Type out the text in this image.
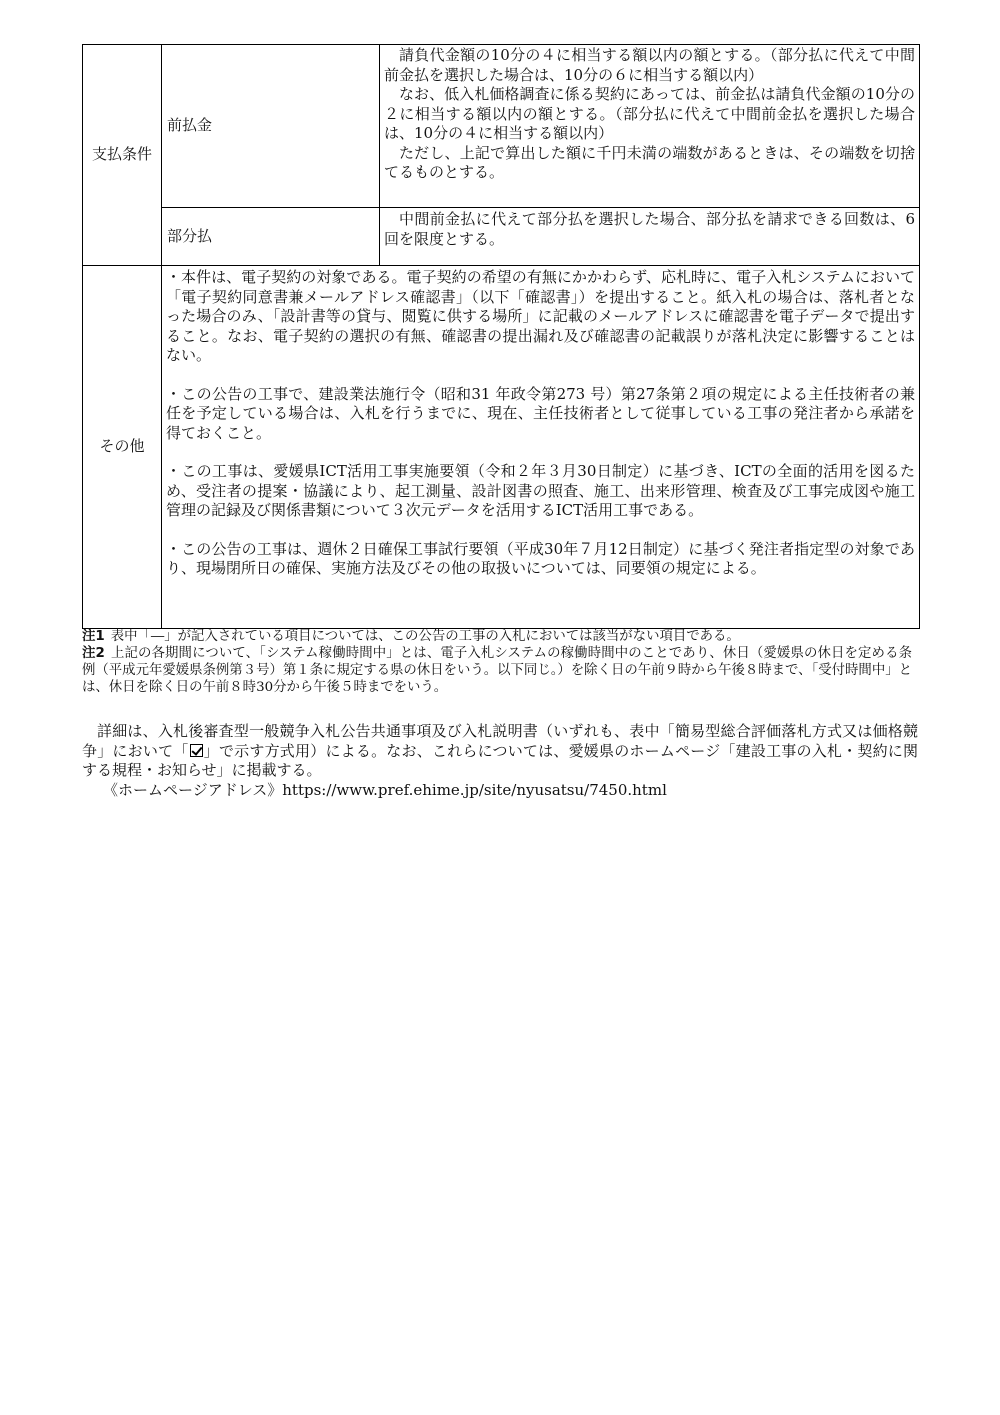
支払条件	前払金	請負代金額の10分の４に相当する額以内の額とする。（部分払に代えて中間前金払を選択した場合は、10分の６に相当する額以内）
なお、低入札価格調査に係る契約にあっては、前金払は請負代金額の10分の２に相当する額以内の額とする。（部分払に代えて中間前金払を選択した場合は、10分の４に相当する額以内）
ただし、上記で算出した額に千円未満の端数があるときは、その端数を切捨てるものとする。

	部分払	中間前金払に代えて部分払を選択した場合、部分払を請求できる回数は、6回を限度とする。

その他	・本件は、電子契約の対象である。電子契約の希望の有無にかかわらず、応札時に、電子入札システムにおいて「電子契約同意書兼メールアドレス確認書」（以下「確認書」）を提出すること。紙入札の場合は、落札者となった場合のみ、「設計書等の貸与、閲覧に供する場所」に記載のメールアドレスに確認書を電子データで提出すること。なお、電子契約の選択の有無、確認書の提出漏れ及び確認書の記載誤りが落札決定に影響することはない。

・この公告の工事で、建設業法施行令（昭和31 年政令第273 号）第27条第２項の規定による主任技術者の兼任を予定している場合は、入札を行うまでに、現在、主任技術者として従事している工事の発注者から承諾を得ておくこと。

・この工事は、愛媛県ICT活用工事実施要領（令和２年３月30日制定）に基づき、ICTの全面的活用を図るため、受注者の提案・協議により、起工測量、設計図書の照査、施工、出来形管理、検査及び工事完成図や施工管理の記録及び関係書類について３次元データを活用するICT活用工事である。

・この公告の工事は、週休２日確保工事試行要領（平成30年７月12日制定）に基づく発注者指定型の対象であり、現場閉所日の確保、実施方法及びその他の取扱いについては、同要領の規定による。	

注1 表中「―」が記入されている項目については、この公告の工事の入札においては該当がない項目である。
注2 上記の各期間について、「システム稼働時間中」とは、電子入札システムの稼働時間中のことであり、休日（愛媛県の休日を定める条例（平成元年愛媛県条例第３号）第１条に規定する県の休日をいう。以下同じ。）を除く日の午前９時から午後８時まで、「受付時間中」とは、休日を除く日の午前８時30分から午後５時までをいう。

詳細は、入札後審査型一般競争入札公告共通事項及び入札説明書（いずれも、表中「簡易型総合評価落札方式又は価格競争」において「 」で示す方式用）による。なお、これらについては、愛媛県のホームページ「建設工事の入札・契約に関する規程・お知らせ」に掲載する。

《ホームページアドレス》https://www.pref.ehime.jp/site/nyusatsu/7450.html
